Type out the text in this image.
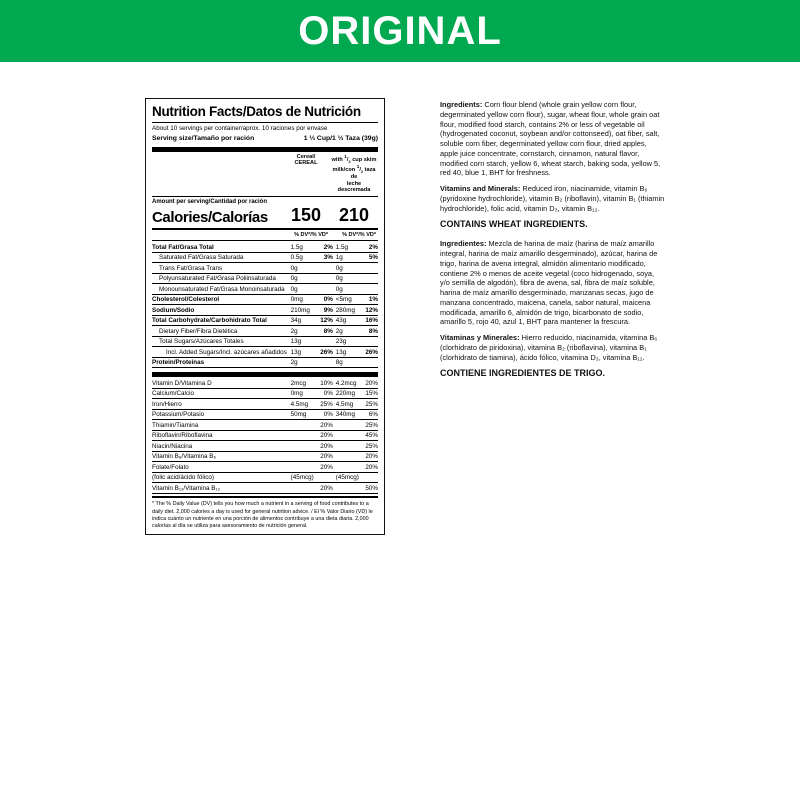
ORIGINAL
Nutrition Facts/Datos de Nutrición
About 10 servings per container/aprox. 10 raciones por envase
Serving size/Tamaño por ración	1 ⅓ Cup/1 ⅓ Taza (39g)
Cereal/
CEREAL
with $^1/_2$ cup skim
milk/con $^1/_2$ taza de
leche descremada
Amount per serving/Cantidad por ración
Calories/Calorías	150 210
% DV*/% VD*	% DV*/% VD*
Total Fat/Grasa Total	1.5g 2%	1.5g 2%

Saturated Fat/Grasa Saturada	0.5g 3%	1g 5%

Trans Fat/Grasa Trans	0g	0g

Polyunsaturated Fat/Grasa Poliinsaturada	0g	0g

Monounsaturated Fat/Grasa Monoinsaturada	0g	0g

Cholesterol/Colesterol	0mg 0%	<5mg 1%

Sodium/Sodio	210mg 9%	280mg 12%

Total Carbohydrate/Carbohidrato Total	34g 12%	43g 16%

Dietary Fiber/Fibra Dietética	2g 8%	2g 8%

Total Sugars/Azúcares Totales	13g	23g

Incl. Added Sugars/Incl. azúcares añadidos	13g 26%	13g 26%

Protein/Proteínas	2g	8g

Vitamin D/Vitamina D	2mcg 10%	4.2mcg 20%

Calcium/Calcio	0mg 0%	220mg 15%

Iron/Hierro	4.5mg 25%	4.5mg 25%

Potassium/Potasio	50mg 0%	340mg 6%

Thiamin/Tiamina	20%	25%

Riboflavin/Riboflavina	20%	45%

Niacin/Niacina	20%	25%

Vitamin B₆/Vitamina B₆	20%	20%

Folate/Folato	20%	20%

(folic acid/ácido fólico)	(45mcg)	(45mcg)

Vitamin B₁₂/Vitamina B₁₂	20%	50%

* The % Daily Value (DV) tells you how much a nutrient in a serving of food contributes to a daily diet. 2,000 calories a day is used for general nutrition advice. / El % Valor Diario (VD) le indica cuánto un nutriente en una porción de alimentos contribuye a una dieta diaria. 2,000 calorías al día se utiliza para asesoramiento de nutrición general.

Ingredients: Corn flour blend (whole grain yellow corn flour, degerminated yellow corn flour), sugar, wheat flour, whole grain oat flour, modified food starch, contains 2% or less of vegetable oil (hydrogenated coconut, soybean and/or cottonseed), oat fiber, salt, soluble corn fiber, degerminated yellow corn flour, dried apples, apple juice concentrate, cornstarch, cinnamon, natural flavor, modified corn starch, yellow 6, wheat starch, baking soda, yellow 5, red 40, blue 1, BHT for freshness.

Vitamins and Minerals: Reduced iron, niacinamide, vitamin B₆ (pyridoxine hydrochloride), vitamin B₂ (riboflavin), vitamin B₁ (thiamin hydrochloride), folic acid, vitamin D₃, vitamin B₁₂.

CONTAINS WHEAT INGREDIENTS.

Ingredientes: Mezcla de harina de maíz (harina de maíz amarillo integral, harina de maíz amarillo desgerminado), azúcar, harina de trigo, harina de avena integral, almidón alimentario modificado, contiene 2% o menos de aceite vegetal (coco hidrogenado, soya, y/o semilla de algodón), fibra de avena, sal, fibra de maíz soluble, harina de maíz amarillo desgerminado, manzanas secas, jugo de manzana concentrado, maicena, canela, sabor natural, maicena modificada, amarillo 6, almidón de trigo, bicarbonato de sodio, amarillo 5, rojo 40, azul 1, BHT para mantener la frescura.

Vitaminas y Minerales: Hierro reducido, niacinamida, vitamina B₆ (clorhidrato de piridoxina), vitamina B₂ (riboflavina), vitamina B₁ (clorhidrato de tiamina), ácido fólico, vitamina D₃, vitamina B₁₂.

CONTIENE INGREDIENTES DE TRIGO.
